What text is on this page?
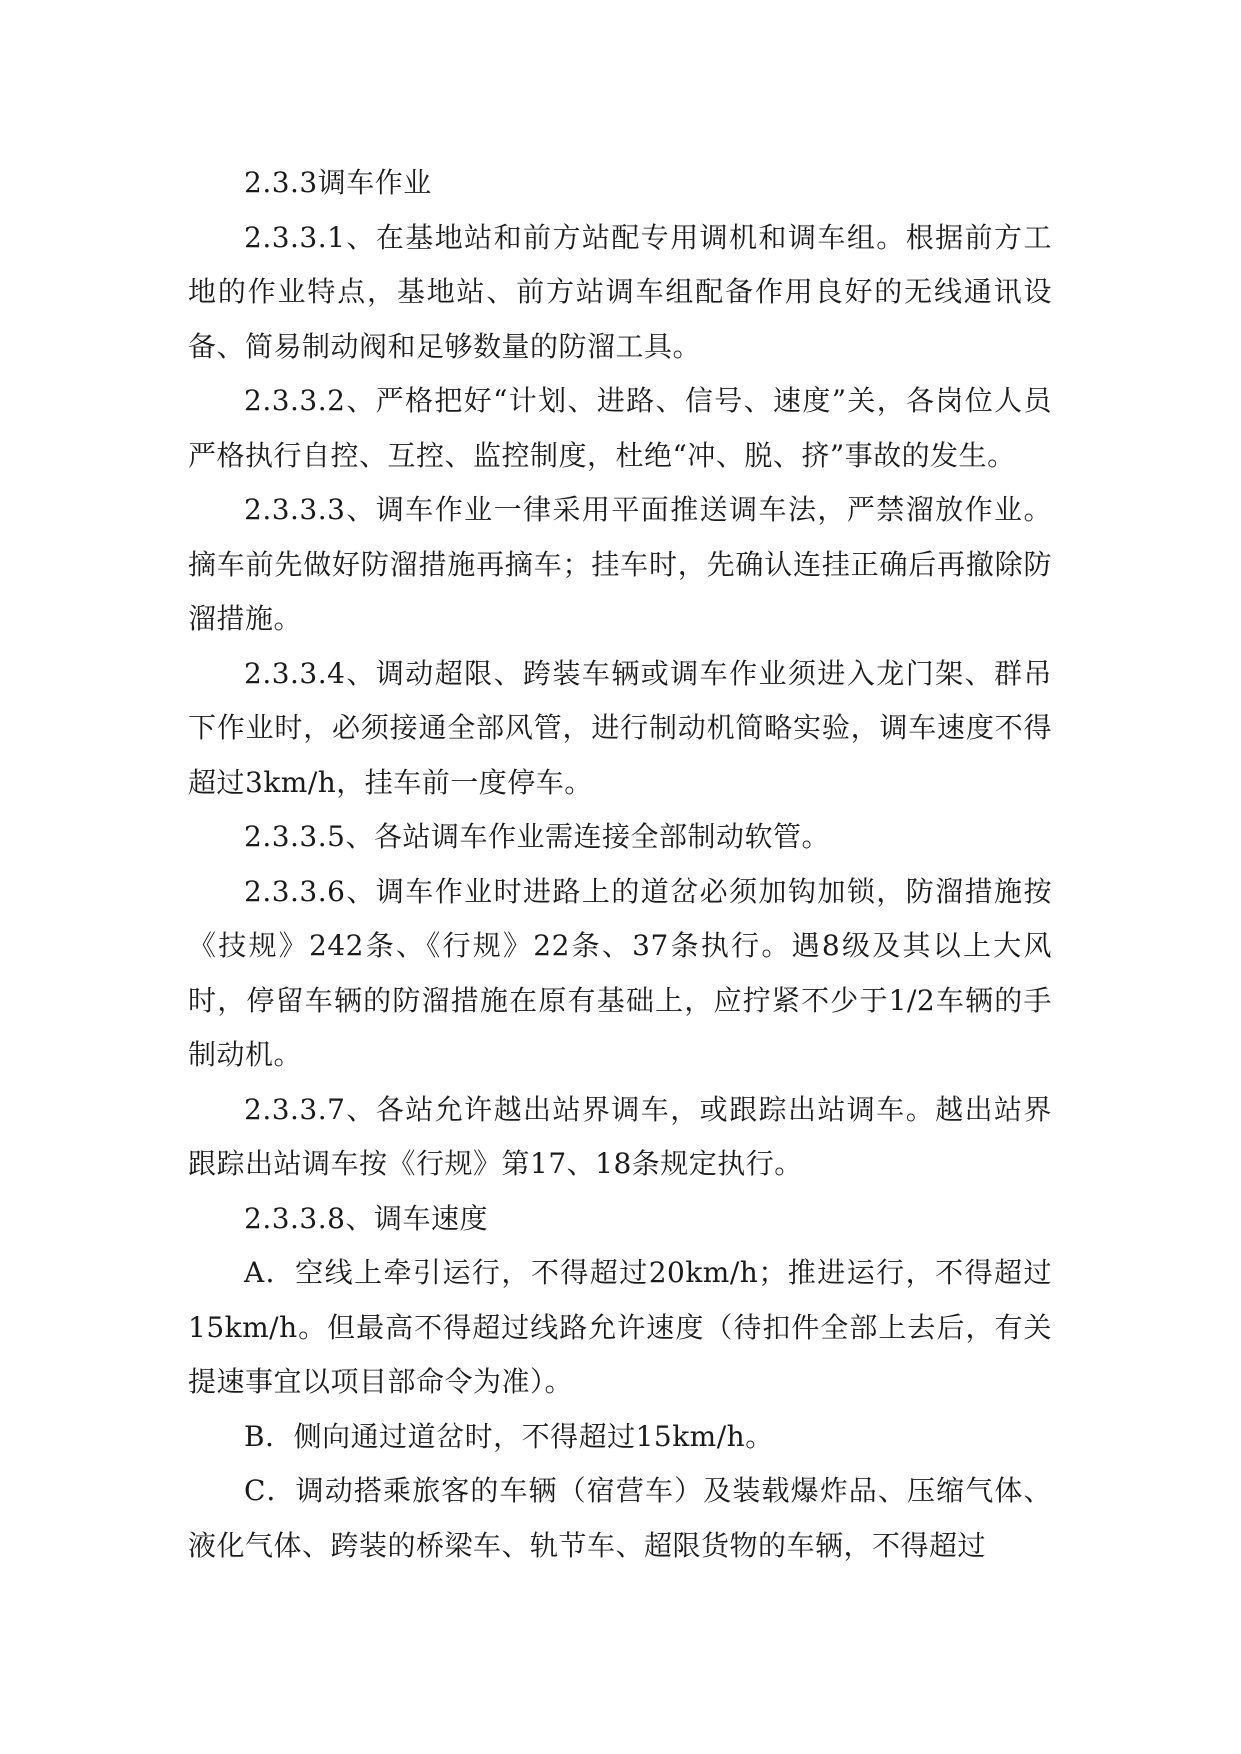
2.3.3调车作业

2.3.3.1、在基地站和前方站配专用调机和调车组。根据前方工地的作业特点，基地站、前方站调车组配备作用良好的无线通讯设备、简易制动阀和足够数量的防溜工具。

2.3.3.2、严格把好“计划、进路、信号、速度”关，各岗位人员严格执行自控、互控、监控制度，杜绝“冲、脱、挤”事故的发生。

2.3.3.3、调车作业一律采用平面推送调车法，严禁溜放作业。摘车前先做好防溜措施再摘车；挂车时，先确认连挂正确后再撤除防溜措施。

2.3.3.4、调动超限、跨装车辆或调车作业须进入龙门架、群吊下作业时，必须接通全部风管，进行制动机简略实验，调车速度不得超过3km/h，挂车前一度停车。

2.3.3.5、各站调车作业需连接全部制动软管。

2.3.3.6、调车作业时进路上的道岔必须加钩加锁，防溜措施按《技规》242条、《行规》22条、37条执行。遇8级及其以上大风时，停留车辆的防溜措施在原有基础上，应拧紧不少于1/2车辆的手制动机。

2.3.3.7、各站允许越出站界调车，或跟踪出站调车。越出站界跟踪出站调车按《行规》第17、18条规定执行。

2.3.3.8、调车速度

A．空线上牵引运行，不得超过20km/h；推进运行，不得超过15km/h。但最高不得超过线路允许速度（待扣件全部上去后，有关提速事宜以项目部命令为准）。

B．侧向通过道岔时，不得超过15km/h。

C．调动搭乘旅客的车辆（宿营车）及装载爆炸品、压缩气体、液化气体、跨装的桥梁车、轨节车、超限货物的车辆，不得超过
